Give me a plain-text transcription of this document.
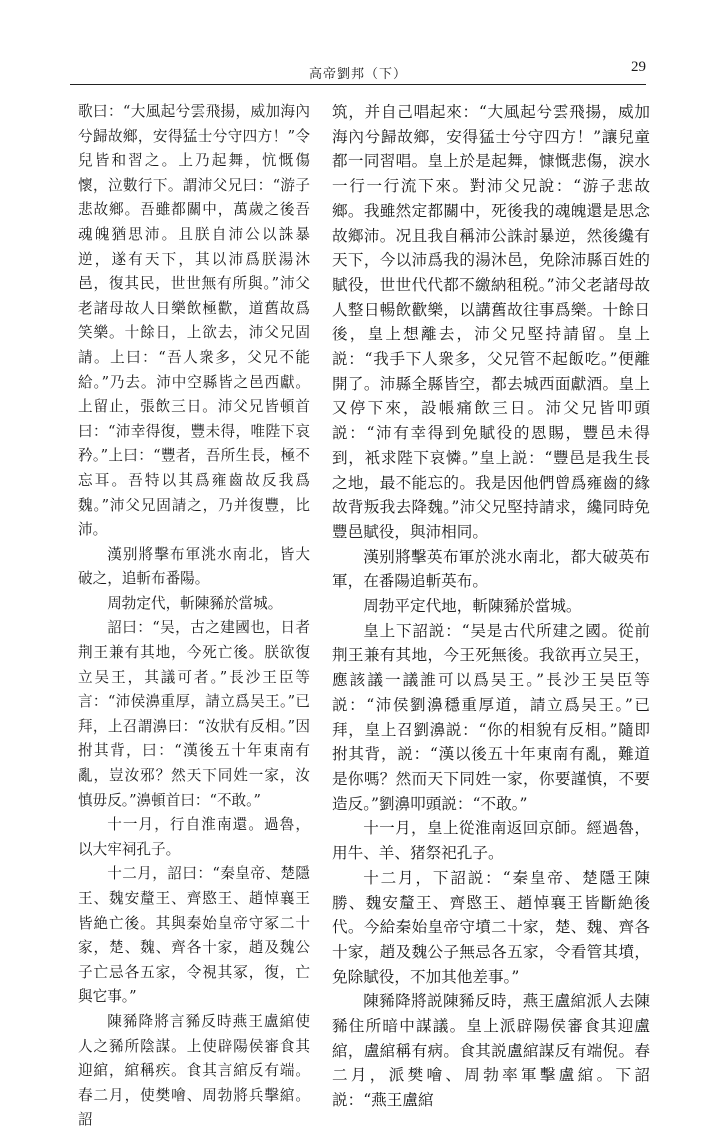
高帝劉邦（下）	29

歌曰：“大風起兮雲飛揚，威加海內兮歸故鄉，安得猛士兮守四方！”令兒皆和習之。上乃起舞，忼慨傷懷，泣數行下。謂沛父兄曰：“游子悲故鄉。吾雖都關中，萬歲之後吾魂魄猶思沛。且朕自沛公以誅暴逆，遂有天下，其以沛爲朕湯沐邑，復其民，世世無有所與。”沛父老諸母故人日樂飲極歡，道舊故爲笑樂。十餘日，上欲去，沛父兄固請。上曰：“吾人衆多，父兄不能給。”乃去。沛中空縣皆之邑西獻。上留止，張飲三日。沛父兄皆頓首曰：“沛幸得復，豐未得，唯陛下哀矜。”上曰：“豐者，吾所生長，極不忘耳。吾特以其爲雍齒故反我爲魏。”沛父兄固請之，乃并復豐，比沛。

漢别將擊布軍洮水南北，皆大破之，追斬布番陽。

周勃定代，斬陳豨於當城。

詔曰：“吴，古之建國也，日者荆王兼有其地，今死亡後。朕欲復立吴王，其議可者。”長沙王臣等言：“沛侯濞重厚，請立爲吴王。”已拜，上召謂濞曰：“汝狀有反相。”因拊其背，曰：“漢後五十年東南有亂，豈汝邪？然天下同姓一家，汝慎毋反。”濞頓首曰：“不敢。”

十一月，行自淮南還。過魯，以大牢祠孔子。

十二月，詔曰：“秦皇帝、楚隱王、魏安釐王、齊愍王、趙悼襄王皆絶亡後。其與秦始皇帝守冢二十家，楚、魏、齊各十家，趙及魏公子亡忌各五家，令視其冢，復，亡與它事。”

陳豨降將言豨反時燕王盧綰使人之豨所陰謀。上使辟陽侯審食其迎綰，綰稱疾。食其言綰反有端。春二月，使樊噲、周勃將兵擊綰。詔

筑，并自己唱起來：“大風起兮雲飛揚，威加海內兮歸故鄉，安得猛士兮守四方！”讓兒童都一同習唱。皇上於是起舞，慷慨悲傷，淚水一行一行流下來。對沛父兄說：“游子悲故鄉。我雖然定都關中，死後我的魂魄還是思念故鄉沛。况且我自稱沛公誅討暴逆，然後纔有天下，今以沛爲我的湯沐邑，免除沛縣百姓的賦役，世世代代都不繳納租税。”沛父老諸母故人整日暢飲歡樂，以講舊故往事爲樂。十餘日後，皇上想離去，沛父兄堅持請留。皇上説：“我手下人衆多，父兄管不起飯吃。”便離開了。沛縣全縣皆空，都去城西面獻酒。皇上又停下來，設帳痛飲三日。沛父兄皆叩頭説：“沛有幸得到免賦役的恩賜，豐邑未得到，衹求陛下哀憐。”皇上説：“豐邑是我生長之地，最不能忘的。我是因他們曾爲雍齒的緣故背叛我去降魏。”沛父兄堅持請求，纔同時免豐邑賦役，與沛相同。

漢别將擊英布軍於洮水南北，都大破英布軍，在番陽追斬英布。

周勃平定代地，斬陳豨於當城。

皇上下詔説：“吴是古代所建之國。從前荆王兼有其地，今王死無後。我欲再立吴王，應該議一議誰可以爲吴王。”長沙王吴臣等説：“沛侯劉濞穩重厚道，請立爲吴王。”已拜，皇上召劉濞説：“你的相貌有反相。”隨即拊其背，説：“漢以後五十年東南有亂，難道是你嗎？然而天下同姓一家，你要謹慎，不要造反。”劉濞叩頭説：“不敢。”

十一月，皇上從淮南返回京師。經過魯，用牛、羊、猪祭祀孔子。

十二月，下詔説：“秦皇帝、楚隱王陳勝、魏安釐王、齊愍王、趙悼襄王皆斷絶後代。今給秦始皇帝守墳二十家，楚、魏、齊各十家，趙及魏公子無忌各五家，令看管其墳，免除賦役，不加其他差事。”

陳豨降將説陳豨反時，燕王盧綰派人去陳豨住所暗中謀議。皇上派辟陽侯審食其迎盧綰，盧綰稱有病。食其説盧綰謀反有端倪。春二月，派樊噲、周勃率軍擊盧綰。下詔説：“燕王盧綰
